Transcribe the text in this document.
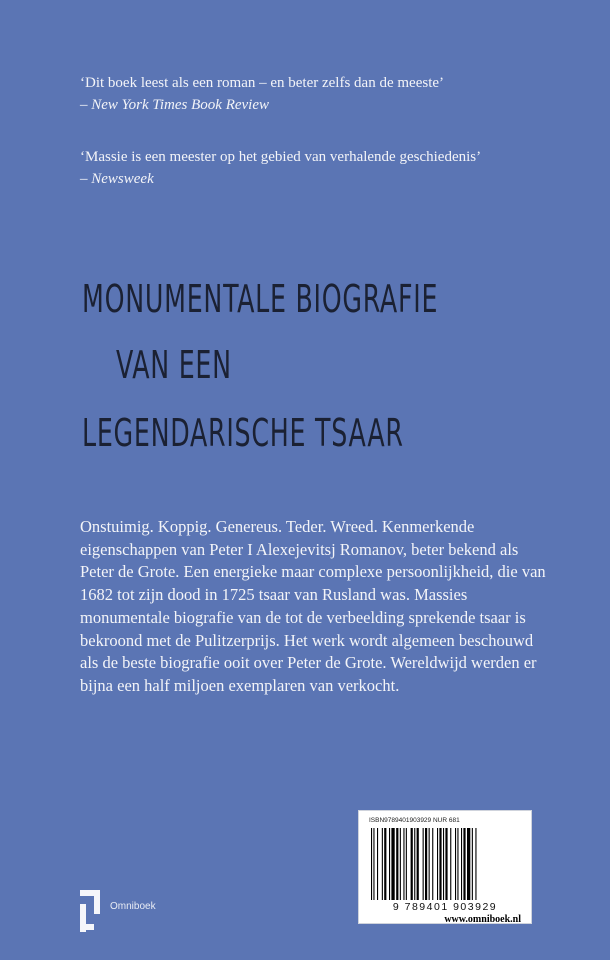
‘Dit boek leest als een roman – en beter zelfs dan de meeste’
– New York Times Book Review
‘Massie is een meester op het gebied van verhalende geschiedenis’
– Newsweek
MONUMENTALE BIOGRAFIE
VAN EEN
LEGENDARISCHE TSAAR
Onstuimig. Koppig. Genereus. Teder. Wreed. Kenmerkende eigenschappen van Peter I Alexejevitsj Romanov, beter bekend als Peter de Grote. Een energieke maar complexe persoonlijkheid, die van 1682 tot zijn dood in 1725 tsaar van Rusland was. Massies monumentale biografie van de tot de verbeelding sprekende tsaar is bekroond met de Pulitzerprijs. Het werk wordt algemeen beschouwd als de beste biografie ooit over Peter de Grote. Wereldwijd werden er bijna een half miljoen exemplaren van verkocht.
Omniboek
ISBN9789401903929 NUR 681
9 789401 903929
www.omniboek.nl
